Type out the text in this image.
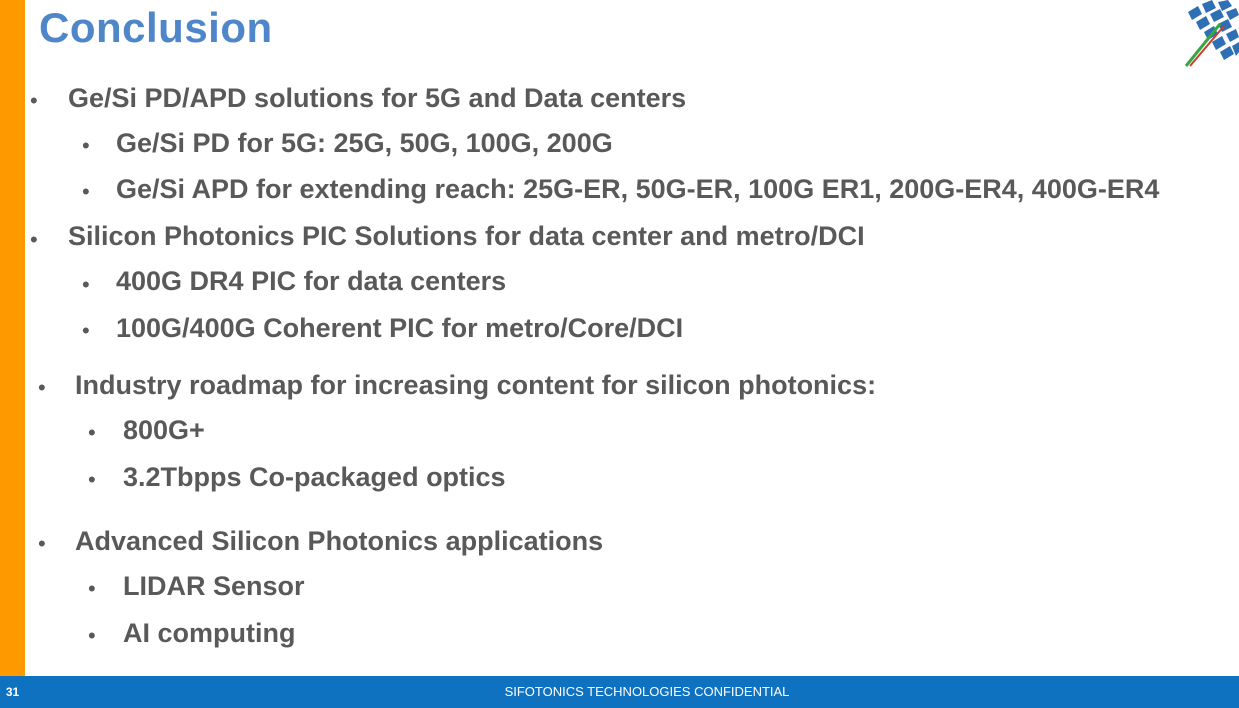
Conclusion
• Ge/Si PD/APD solutions for 5G and Data centers
• Ge/Si PD for 5G: 25G, 50G, 100G, 200G
• Ge/Si APD for extending reach: 25G-ER, 50G-ER, 100G ER1, 200G-ER4, 400G-ER4
• Silicon Photonics PIC Solutions for data center and metro/DCI
• 400G DR4 PIC for data centers
• 100G/400G Coherent PIC for metro/Core/DCI
• Industry roadmap for increasing content for silicon photonics:
• 800G+
• 3.2Tbpps Co-packaged optics
• Advanced Silicon Photonics applications
• LIDAR Sensor
• AI computing
SIFOTONICS TECHNOLOGIES CONFIDENTIAL
31
